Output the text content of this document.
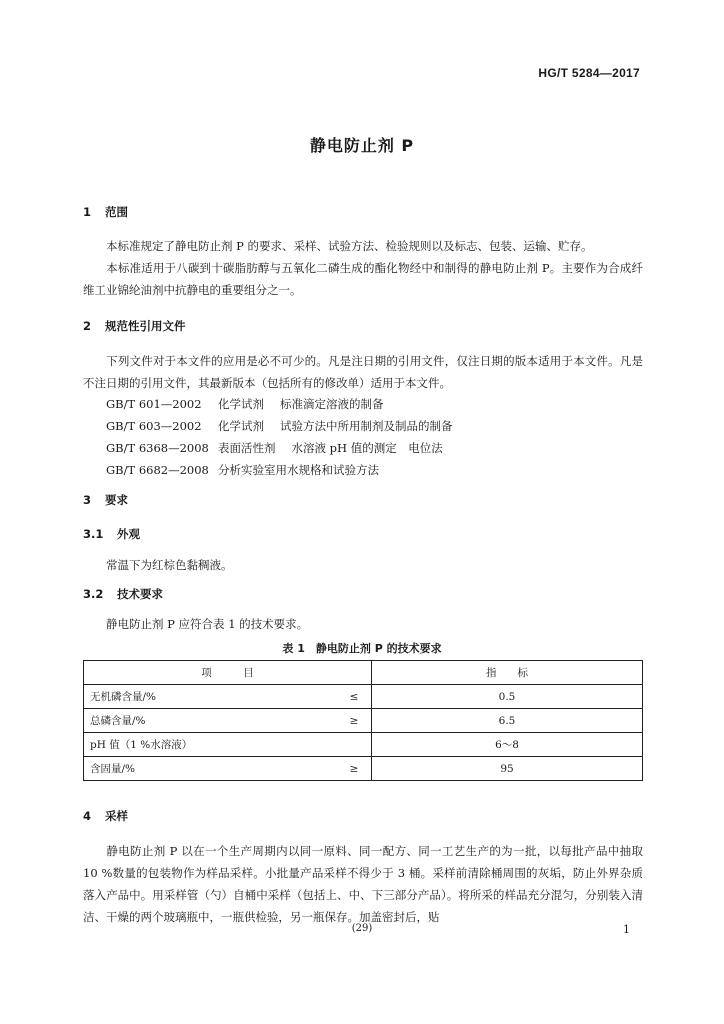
HG/T 5284—2017
静电防止剂 P
1 范围
本标准规定了静电防止剂 P 的要求、采样、试验方法、检验规则以及标志、包装、运输、贮存。
本标准适用于八碳到十碳脂肪醇与五氧化二磷生成的酯化物经中和制得的静电防止剂 P。主要作为合成纤维工业锦纶油剂中抗静电的重要组分之一。
2 规范性引用文件
下列文件对于本文件的应用是必不可少的。凡是注日期的引用文件，仅注日期的版本适用于本文件。凡是不注日期的引用文件，其最新版本（包括所有的修改单）适用于本文件。
GB/T 601—2002 化学试剂 标准滴定溶液的制备
GB/T 603—2002 化学试剂 试验方法中所用制剂及制品的制备
GB/T 6368—2008 表面活性剂 水溶液 pH 值的测定　电位法
GB/T 6682—2008 分析实验室用水规格和试验方法
3 要求
3.1 外观
常温下为红棕色黏稠液。
3.2 技术要求
静电防止剂 P 应符合表 1 的技术要求。
表 1　静电防止剂 P 的技术要求
项　　　目		指　　标
无机磷含量/%	≤	0.5
总磷含量/%	≥	6.5
pH 值（1 %水溶液）		6～8
含固量/%	≥	95
4 采样
静电防止剂 P 以在一个生产周期内以同一原料、同一配方、同一工艺生产的为一批，以每批产品中抽取 10 %数量的包装物作为样品采样。小批量产品采样不得少于 3 桶。采样前清除桶周围的灰垢，防止外界杂质落入产品中。用采样管（勺）自桶中采样（包括上、中、下三部分产品）。将所采的样品充分混匀，分别装入清洁、干燥的两个玻璃瓶中，一瓶供检验，另一瓶保存。加盖密封后，贴
(29)	1
